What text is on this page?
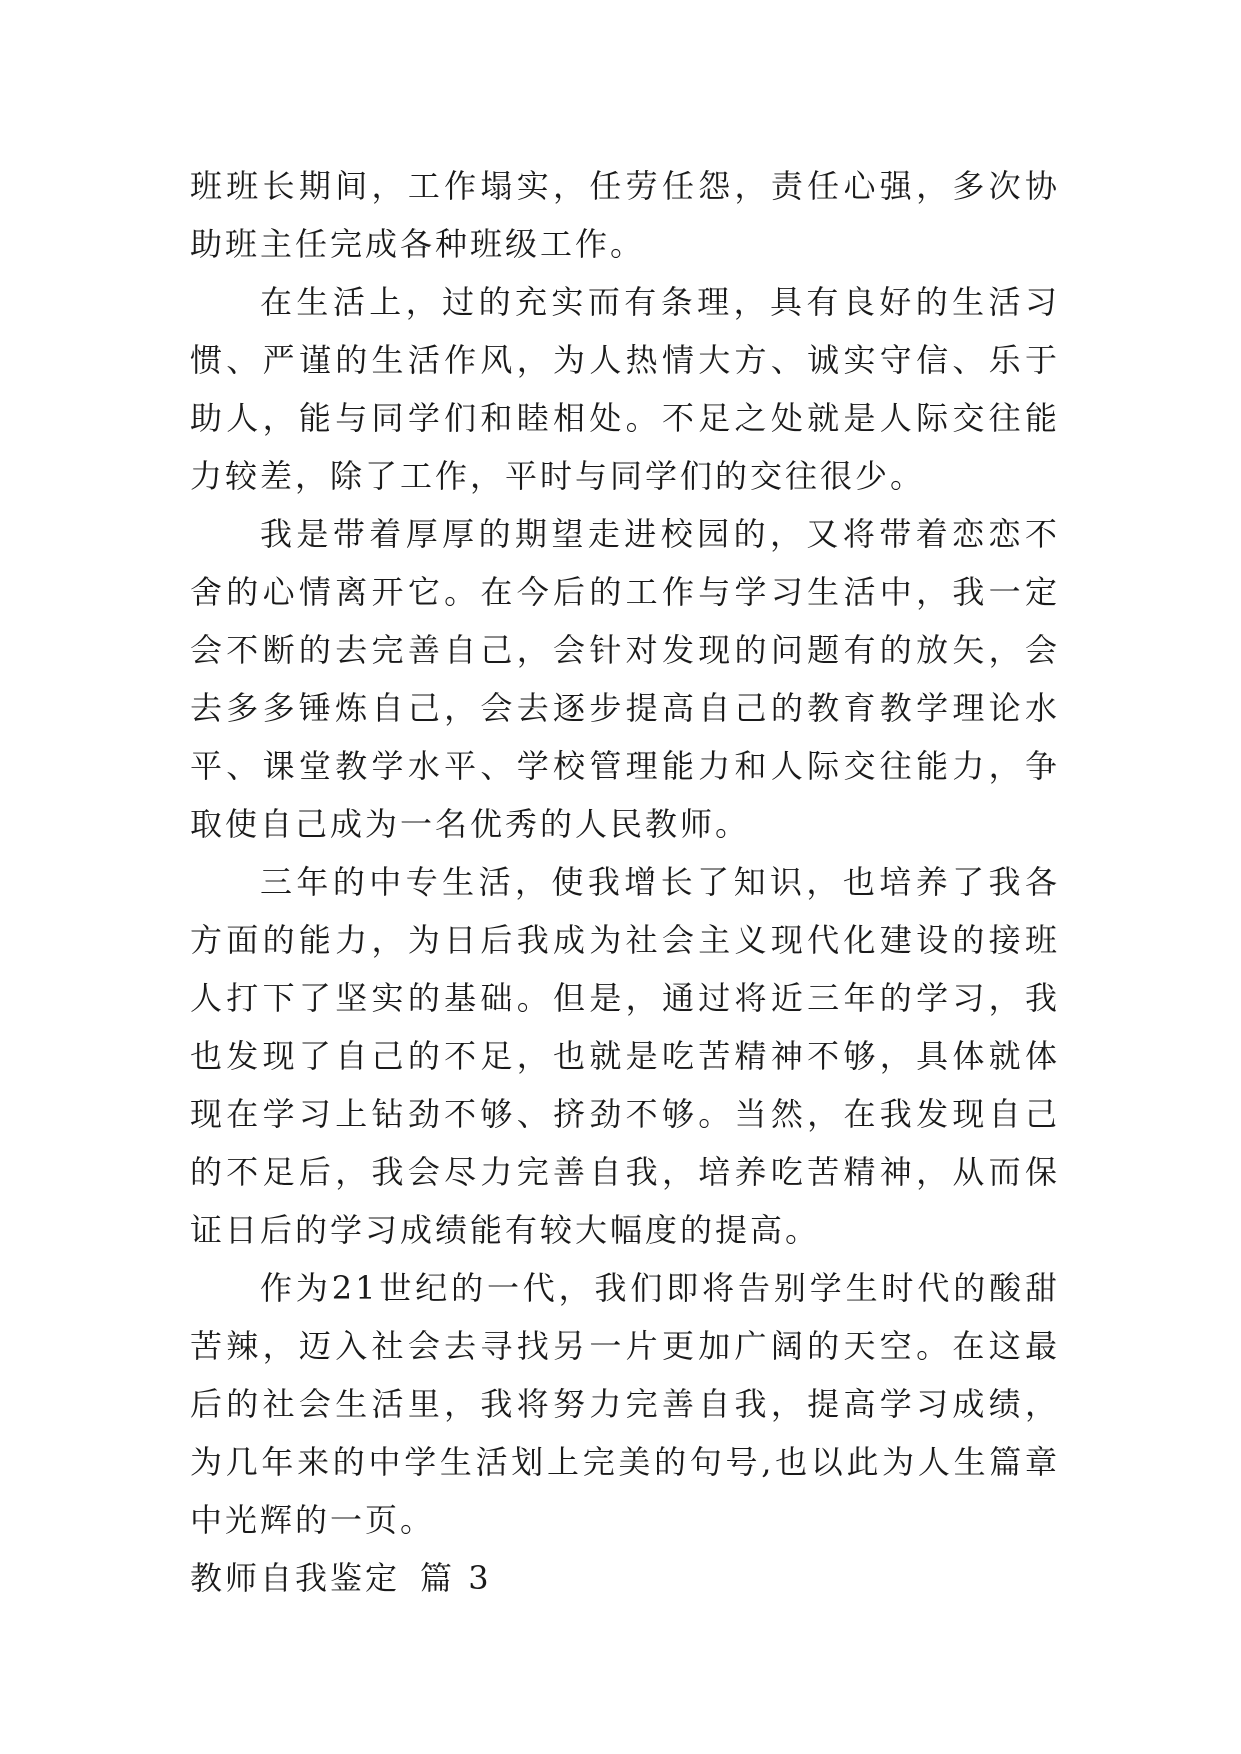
班班长期间，工作塌实，任劳任怨，责任心强，多次协助班主任完成各种班级工作。

在生活上，过的充实而有条理，具有良好的生活习惯、严谨的生活作风，为人热情大方、诚实守信、乐于助人，能与同学们和睦相处。不足之处就是人际交往能力较差，除了工作，平时与同学们的交往很少。

我是带着厚厚的期望走进校园的，又将带着恋恋不舍的心情离开它。在今后的工作与学习生活中，我一定会不断的去完善自己，会针对发现的问题有的放矢，会去多多锤炼自己，会去逐步提高自己的教育教学理论水平、课堂教学水平、学校管理能力和人际交往能力，争取使自己成为一名优秀的人民教师。

三年的中专生活，使我增长了知识，也培养了我各方面的能力，为日后我成为社会主义现代化建设的接班人打下了坚实的基础。但是，通过将近三年的学习，我也发现了自己的不足，也就是吃苦精神不够，具体就体现在学习上钻劲不够、挤劲不够。当然，在我发现自己的不足后，我会尽力完善自我，培养吃苦精神，从而保证日后的学习成绩能有较大幅度的提高。

作为21世纪的一代，我们即将告别学生时代的酸甜苦辣，迈入社会去寻找另一片更加广阔的天空。在这最后的社会生活里，我将努力完善自我，提高学习成绩，为几年来的中学生活划上完美的句号,也以此为人生篇章中光辉的一页。

教师自我鉴定 篇 3
